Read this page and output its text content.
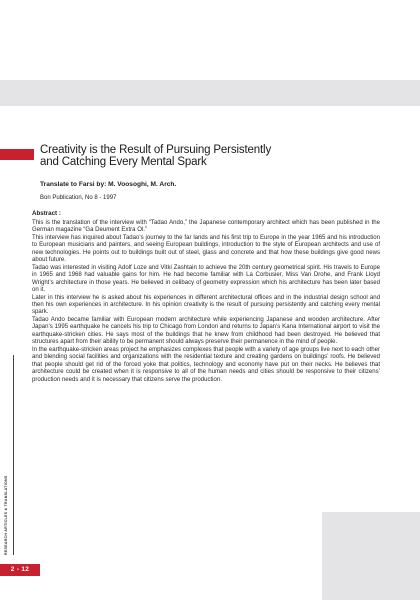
Creativity is the Result of Pursuing Persistently
and Catching Every Mental Spark
Translate to Farsi by: M. Voosoghi, M. Arch.
Bon Publication, No 8 - 1997
Abstract :

This is the translation of the interview with “Tadao Ando,” the Japanese contemporary architect which has been published in the German magazine “Ga Deument Extra Ol.”

This interview has inquired about Tadao’s journey to the far lands and his first trip to Europe in the year 1965 and his introduction to European musicians and painters, and seeing European buildings, introduction to the style of European architects and use of new technologies. He points out to buildings built out of steel, glass and concrete and that how these buildings give good news about future.

Tadao was interested in visiting Adolf Loze and Vitki Zashtain to achieve the 20th century geometrical spirit. His travels to Europe in 1965 and 1968 had valuable gains for him. He had become familiar with La Corbusier, Miss Van Drohe, and Frank Lloyd Wright’s architecture in those years. He believed in celibacy of geometry expression which his architecture has been later based on it.

Later in this interview he is asked about his experiences in different architectural offices and in the industrial design school and then his own experiences in architecture. In his opinion creativity is the result of pursuing persistently and catching every mental spark.

Tadao Ando became familiar with European modern architecture while experiencing Japanese and wooden architecture. After Japan’s 1995 earthquake he cancels his trip to Chicago from London and returns to Japan’s Kana International airport to visit the earthquake-stricken cities. He says most of the buildings that he knew from childhood had been destroyed. He believed that structures apart from their ability to be permanent should always preserve their permanence in the mind of people.

In the earthquake-stricken areas project he emphasizes complexes that people with a variety of age groups live next to each other and blending social facilities and organizations with the residential texture and creating gardens on buildings’ roofs. He believed that people should get rid of the forced yoke that politics, technology and economy have put on their necks. He believes that architecture could be created when it is responsive to all of the human needs and cities should be responsive to their citizens’ production needs and it is necessary that citizens serve the production.

RESEARCH ARTICLES & TRANSLATIONS
2 - 12
